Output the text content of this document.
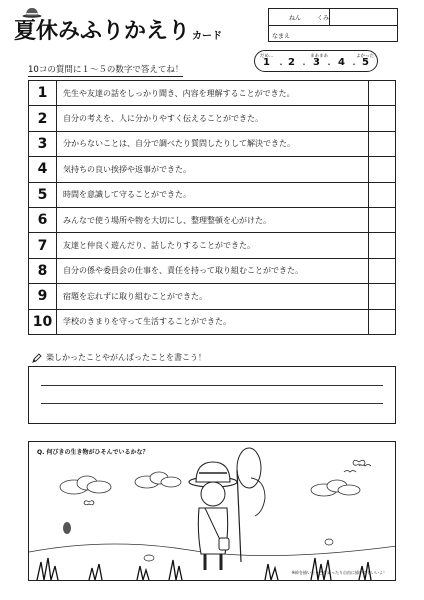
夏休みふりかえり カード
ねん	くみ
なまえ
10コの質問に１～５の数字で答えてね！
だめ…	まあまあ	よかった！
1 ・ 2 ・ 3 ・ 4 ・ 5
1	先生や友達の話をしっかり聞き、内容を理解することができた。	
2	自分の考えを、人に分かりやすく伝えることができた。	
3	分からないことは、自分で調べたり質問したりして解決できた。	
4	気持ちの良い挨拶や返事ができた。	
5	時間を意識して守ることができた。	
6	みんなで使う場所や物を大切にし、整理整頓を心がけた。	
7	友達と仲良く遊んだり、話したりすることができた。	
8	自分の係や委員会の仕事を、責任を持って取り組むことができた。	
9	宿題を忘れずに取り組むことができた。	
10	学校のきまりを守って生活することができた。	
楽しかったことやがんばったことを書こう！
Q. 何びきの生き物がひそんでいるかな？
※絵を描いたり色をぬったり自由に描いてもいいよ！
